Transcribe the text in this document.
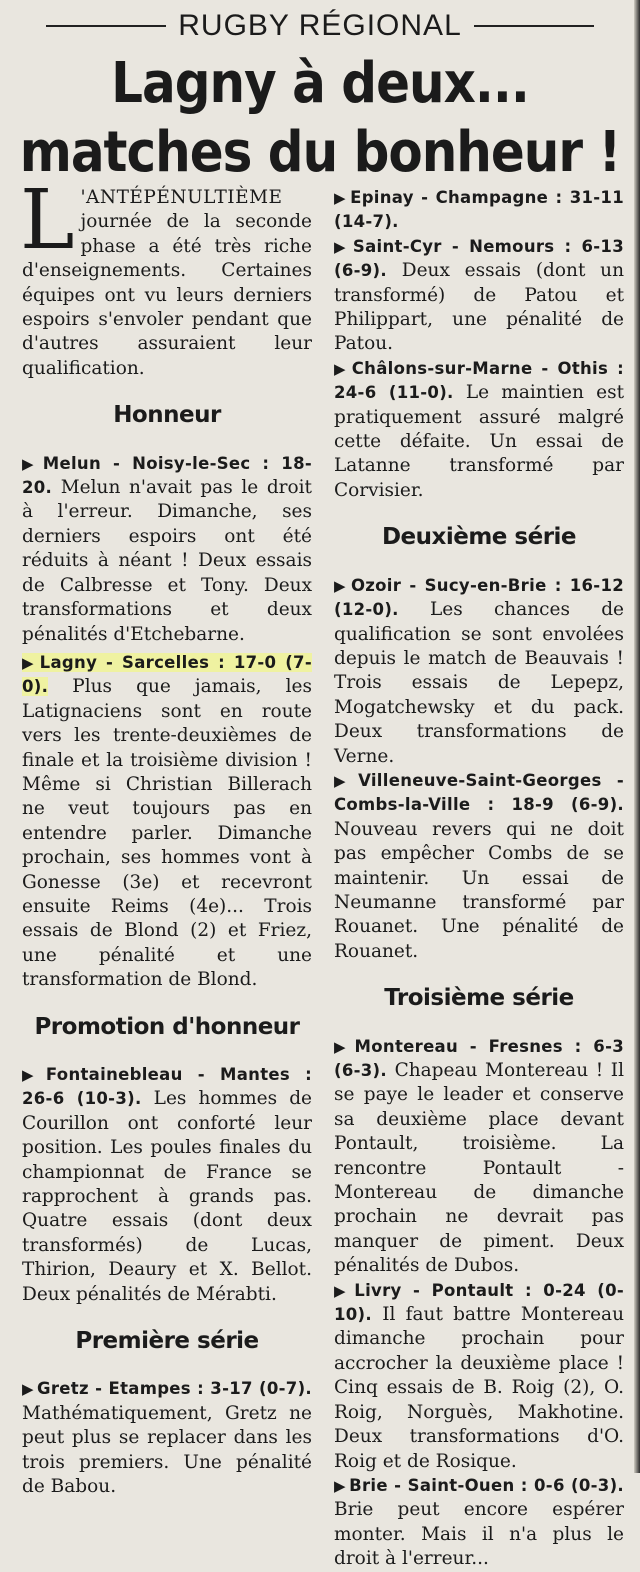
RUGBY RÉGIONAL
Lagny à deux...
matches du bonheur !

L 'ANTÉPÉNULTIÈME journée de la seconde phase a été très riche d'enseignements. Certaines équipes ont vu leurs derniers espoirs s'envoler pendant que d'autres assuraient leur qualification.

Honneur

▶ Melun - Noisy-le-Sec : 18-20. Melun n'avait pas le droit à l'erreur. Dimanche, ses derniers espoirs ont été réduits à néant ! Deux essais de Calbresse et Tony. Deux transformations et deux pénalités d'Etchebarne.

▶ Lagny - Sarcelles : 17-0 (7-0). Plus que jamais, les Latignaciens sont en route vers les trente-deuxièmes de finale et la troisième division ! Même si Christian Billerach ne veut toujours pas en entendre parler. Dimanche prochain, ses hommes vont à Gonesse (3e) et recevront ensuite Reims (4e)... Trois essais de Blond (2) et Friez, une pénalité et une transformation de Blond.

Promotion d'honneur

▶ Fontainebleau - Mantes : 26-6 (10-3). Les hommes de Courillon ont conforté leur position. Les poules finales du championnat de France se rapprochent à grands pas. Quatre essais (dont deux transformés) de Lucas, Thirion, Deaury et X. Bellot. Deux pénalités de Mérabti.

Première série

▶ Gretz - Etampes : 3-17 (0-7). Mathématiquement, Gretz ne peut plus se replacer dans les trois premiers. Une pénalité de Babou.

▶ Epinay - Champagne : 31-11 (14-7).

▶ Saint-Cyr - Nemours : 6-13 (6-9). Deux essais (dont un transformé) de Patou et Philippart, une pénalité de Patou.

▶ Châlons-sur-Marne - Othis : 24-6 (11-0). Le maintien est pratiquement assuré malgré cette défaite. Un essai de Latanne transformé par Corvisier.

Deuxième série

▶ Ozoir - Sucy-en-Brie : 16-12 (12-0). Les chances de qualification se sont envolées depuis le match de Beauvais ! Trois essais de Lepepz, Mogatchewsky et du pack. Deux transformations de Verne.

▶ Villeneuve-Saint-Georges - Combs-la-Ville : 18-9 (6-9). Nouveau revers qui ne doit pas empêcher Combs de se maintenir. Un essai de Neumanne transformé par Rouanet. Une pénalité de Rouanet.

Troisième série

▶ Montereau - Fresnes : 6-3 (6-3). Chapeau Montereau ! Il se paye le leader et conserve sa deuxième place devant Pontault, troisième. La rencontre Pontault - Montereau de dimanche prochain ne devrait pas manquer de piment. Deux pénalités de Dubos.

▶ Livry - Pontault : 0-24 (0-10). Il faut battre Montereau dimanche prochain pour accrocher la deuxième place ! Cinq essais de B. Roig (2), O. Roig, Norguès, Makhotine. Deux transformations d'O. Roig et de Rosique.

▶ Brie - Saint-Ouen : 0-6 (0-3). Brie peut encore espérer monter. Mais il n'a plus le droit à l'erreur...
